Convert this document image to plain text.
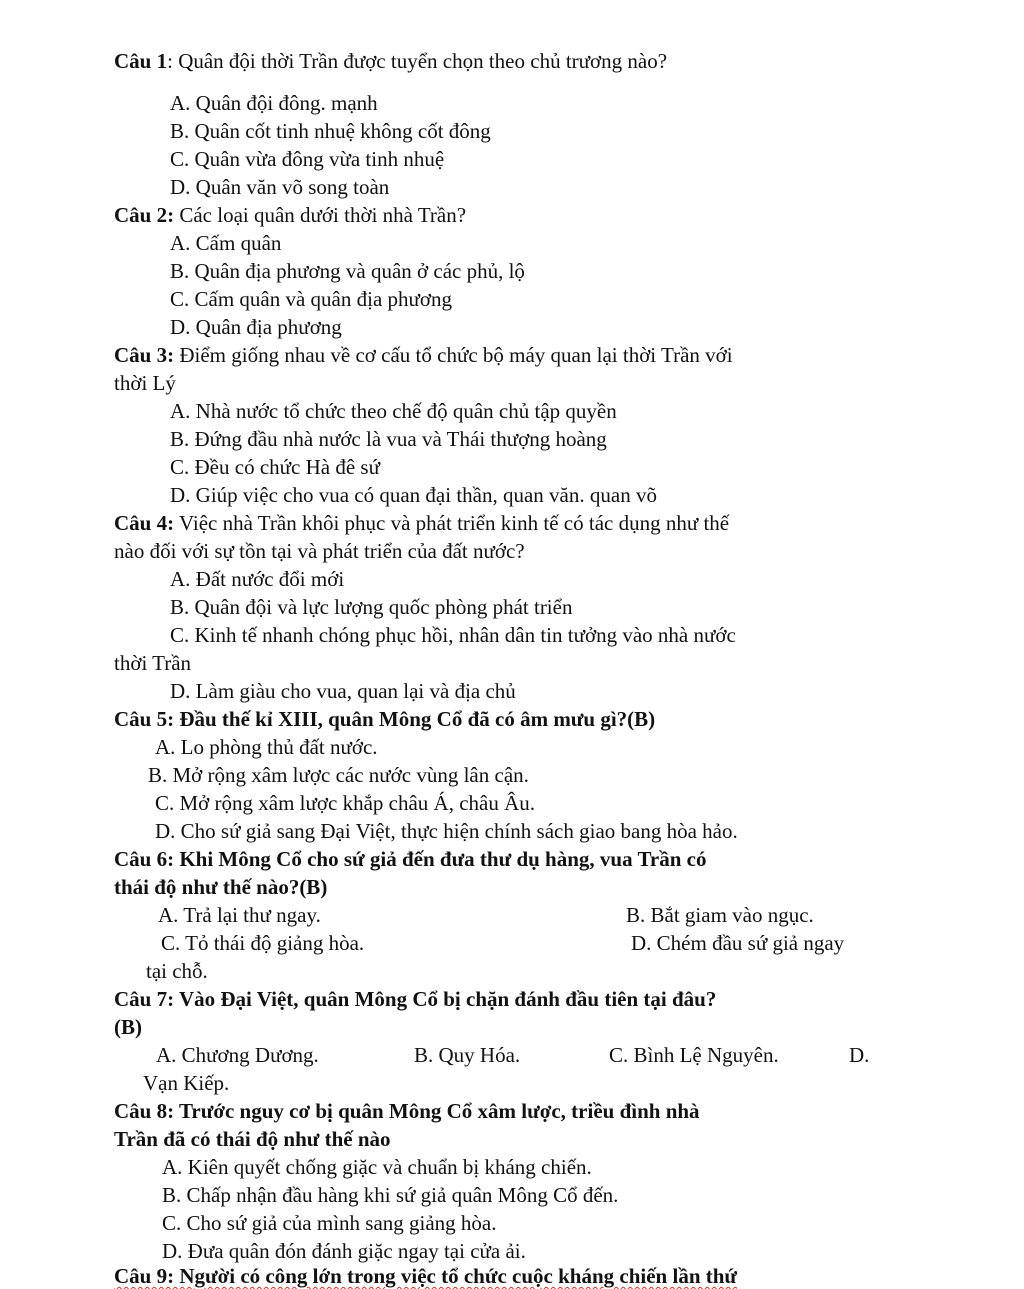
Câu 1: Quân đội thời Trần được tuyển chọn theo chủ trương nào?
A. Quân đội đông. mạnh
B. Quân cốt tinh nhuệ không cốt đông
C. Quân vừa đông vừa tinh nhuệ
D. Quân văn võ song toàn
Câu 2: Các loại quân dưới thời nhà Trần?
A. Cấm quân
B. Quân địa phương và quân ở các phủ, lộ
C. Cấm quân và quân địa phương
D. Quân địa phương
Câu 3: Điểm giống nhau về cơ cấu tổ chức bộ máy quan lại thời Trần với
thời Lý
A. Nhà nước tổ chức theo chế độ quân chủ tập quyền
B. Đứng đầu nhà nước là vua và Thái thượng hoàng
C. Đều có chức Hà đê sứ
D. Giúp việc cho vua có quan đại thần, quan văn. quan võ
Câu 4: Việc nhà Trần khôi phục và phát triển kinh tế có tác dụng như thế
nào đối với sự tồn tại và phát triển của đất nước?
A. Đất nước đổi mới
B. Quân đội và lực lượng quốc phòng phát triển
C. Kinh tế nhanh chóng phục hồi, nhân dân tin tưởng vào nhà nước
thời Trần
D. Làm giàu cho vua, quan lại và địa chủ
Câu 5: Đầu thế kỉ XIII, quân Mông Cổ đã có âm mưu gì?(B)
A. Lo phòng thủ đất nước.
B. Mở rộng xâm lược các nước vùng lân cận.
C. Mở rộng xâm lược khắp châu Á, châu Âu.
D. Cho sứ giả sang Đại Việt, thực hiện chính sách giao bang hòa hảo.
Câu 6: Khi Mông Cổ cho sứ giả đến đưa thư dụ hàng, vua Trần có
thái độ như thế nào?(B)
A. Trả lại thư ngay.	B. Bắt giam vào ngục.
C. Tỏ thái độ giảng hòa.	D. Chém đầu sứ giả ngay
tại chỗ.
Câu 7: Vào Đại Việt, quân Mông Cổ bị chặn đánh đầu tiên tại đâu?
(B)
A. Chương Dương.	B. Quy Hóa.	C. Bình Lệ Nguyên.	D.
Vạn Kiếp.
Câu 8: Trước nguy cơ bị quân Mông Cổ xâm lược, triều đình nhà
Trần đã có thái độ như thế nào
A. Kiên quyết chống giặc và chuẩn bị kháng chiến.
B. Chấp nhận đầu hàng khi sứ giả quân Mông Cổ đến.
C. Cho sứ giả của mình sang giảng hòa.
D. Đưa quân đón đánh giặc ngay tại cửa ải.
Câu 9: Người có công lớn trong việc tổ chức cuộc kháng chiến lần thứ
